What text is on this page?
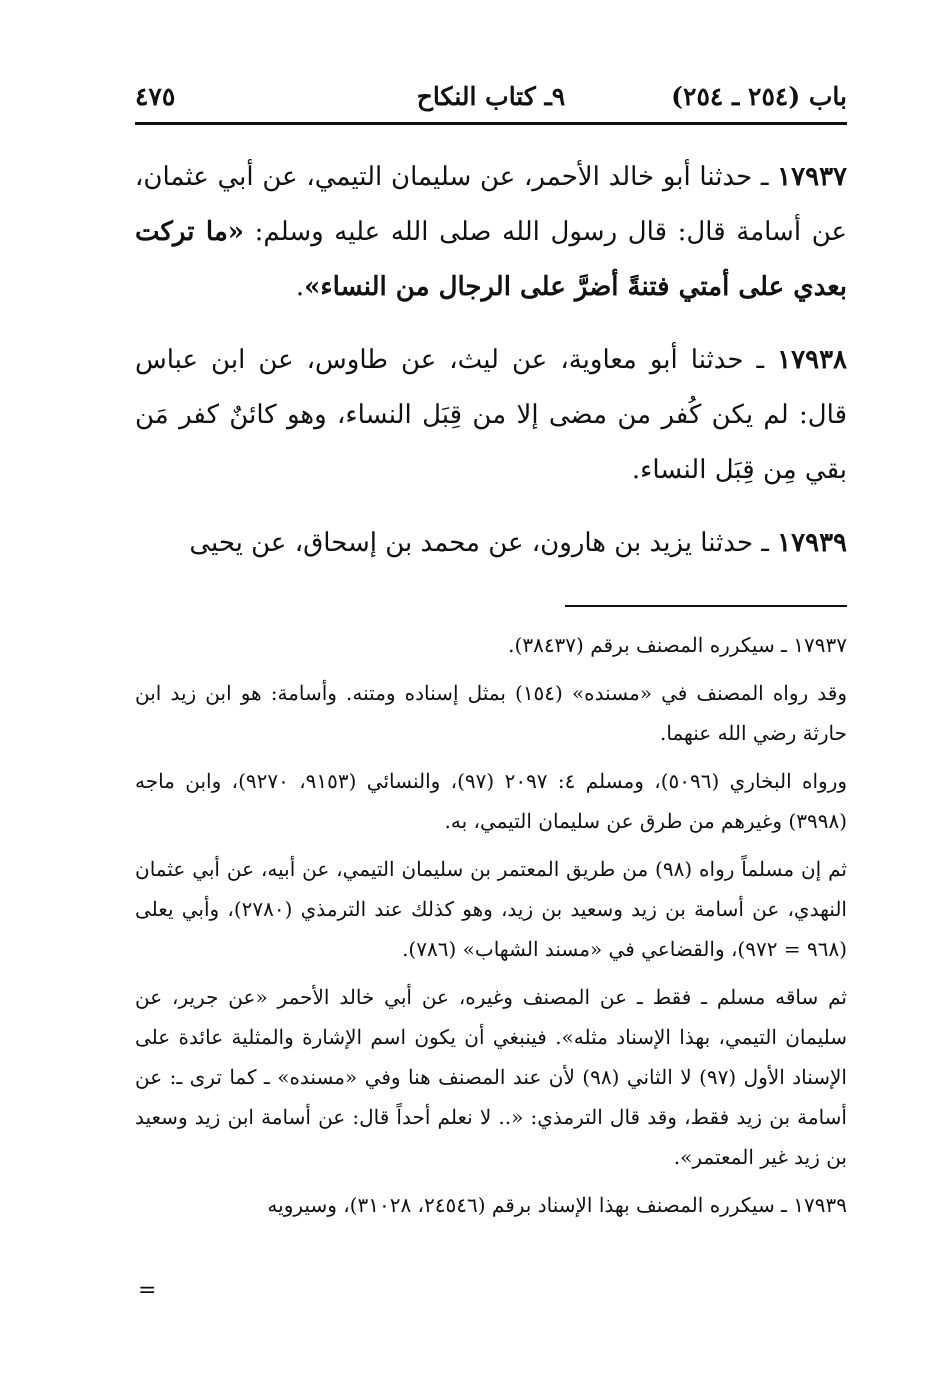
باب (٢٥٤ ـ ٢٥٤)
٩ـ كتاب النكاح
٤٧٥

١٧٩٣٧ ـ حدثنا أبو خالد الأحمر، عن سليمان التيمي، عن أبي عثمان، عن أسامة قال: قال رسول الله صلى الله عليه وسلم: «ما تركت بعدي على أمتي فتنةً أضرَّ على الرجال من النساء».

١٧٩٣٨ ـ حدثنا أبو معاوية، عن ليث، عن طاوس، عن ابن عباس قال: لم يكن كُفر من مضى إلا من قِبَل النساء، وهو كائنٌ كفر مَن بقي مِن قِبَل النساء.

١٧٩٣٩ ـ حدثنا يزيد بن هارون، عن محمد بن إسحاق، عن يحيى

١٧٩٣٧ ـ سيكرره المصنف برقم (٣٨٤٣٧).

وقد رواه المصنف في «مسنده» (١٥٤) بمثل إسناده ومتنه. وأسامة: هو ابن زيد ابن حارثة رضي الله عنهما.

ورواه البخاري (٥٠٩٦)، ومسلم ٤: ٢٠٩٧ (٩٧)، والنسائي (٩١٥٣، ٩٢٧٠)، وابن ماجه (٣٩٩٨) وغيرهم من طرق عن سليمان التيمي، به.

ثم إن مسلماً رواه (٩٨) من طريق المعتمر بن سليمان التيمي، عن أبيه، عن أبي عثمان النهدي، عن أسامة بن زيد وسعيد بن زيد، وهو كذلك عند الترمذي (٢٧٨٠)، وأبي يعلى (٩٦٨ = ٩٧٢)، والقضاعي في «مسند الشهاب» (٧٨٦).

ثم ساقه مسلم ـ فقط ـ عن المصنف وغيره، عن أبي خالد الأحمر «عن جرير، عن سليمان التيمي، بهذا الإسناد مثله». فينبغي أن يكون اسم الإشارة والمثلية عائدة على الإسناد الأول (٩٧) لا الثاني (٩٨) لأن عند المصنف هنا وفي «مسنده» ـ كما ترى ـ: عن أسامة بن زيد فقط، وقد قال الترمذي: «.. لا نعلم أحداً قال: عن أسامة ابن زيد وسعيد بن زيد غير المعتمر».

١٧٩٣٩ ـ سيكرره المصنف بهذا الإسناد برقم (٢٤٥٤٦، ٣١٠٢٨)، وسيرويه

=
